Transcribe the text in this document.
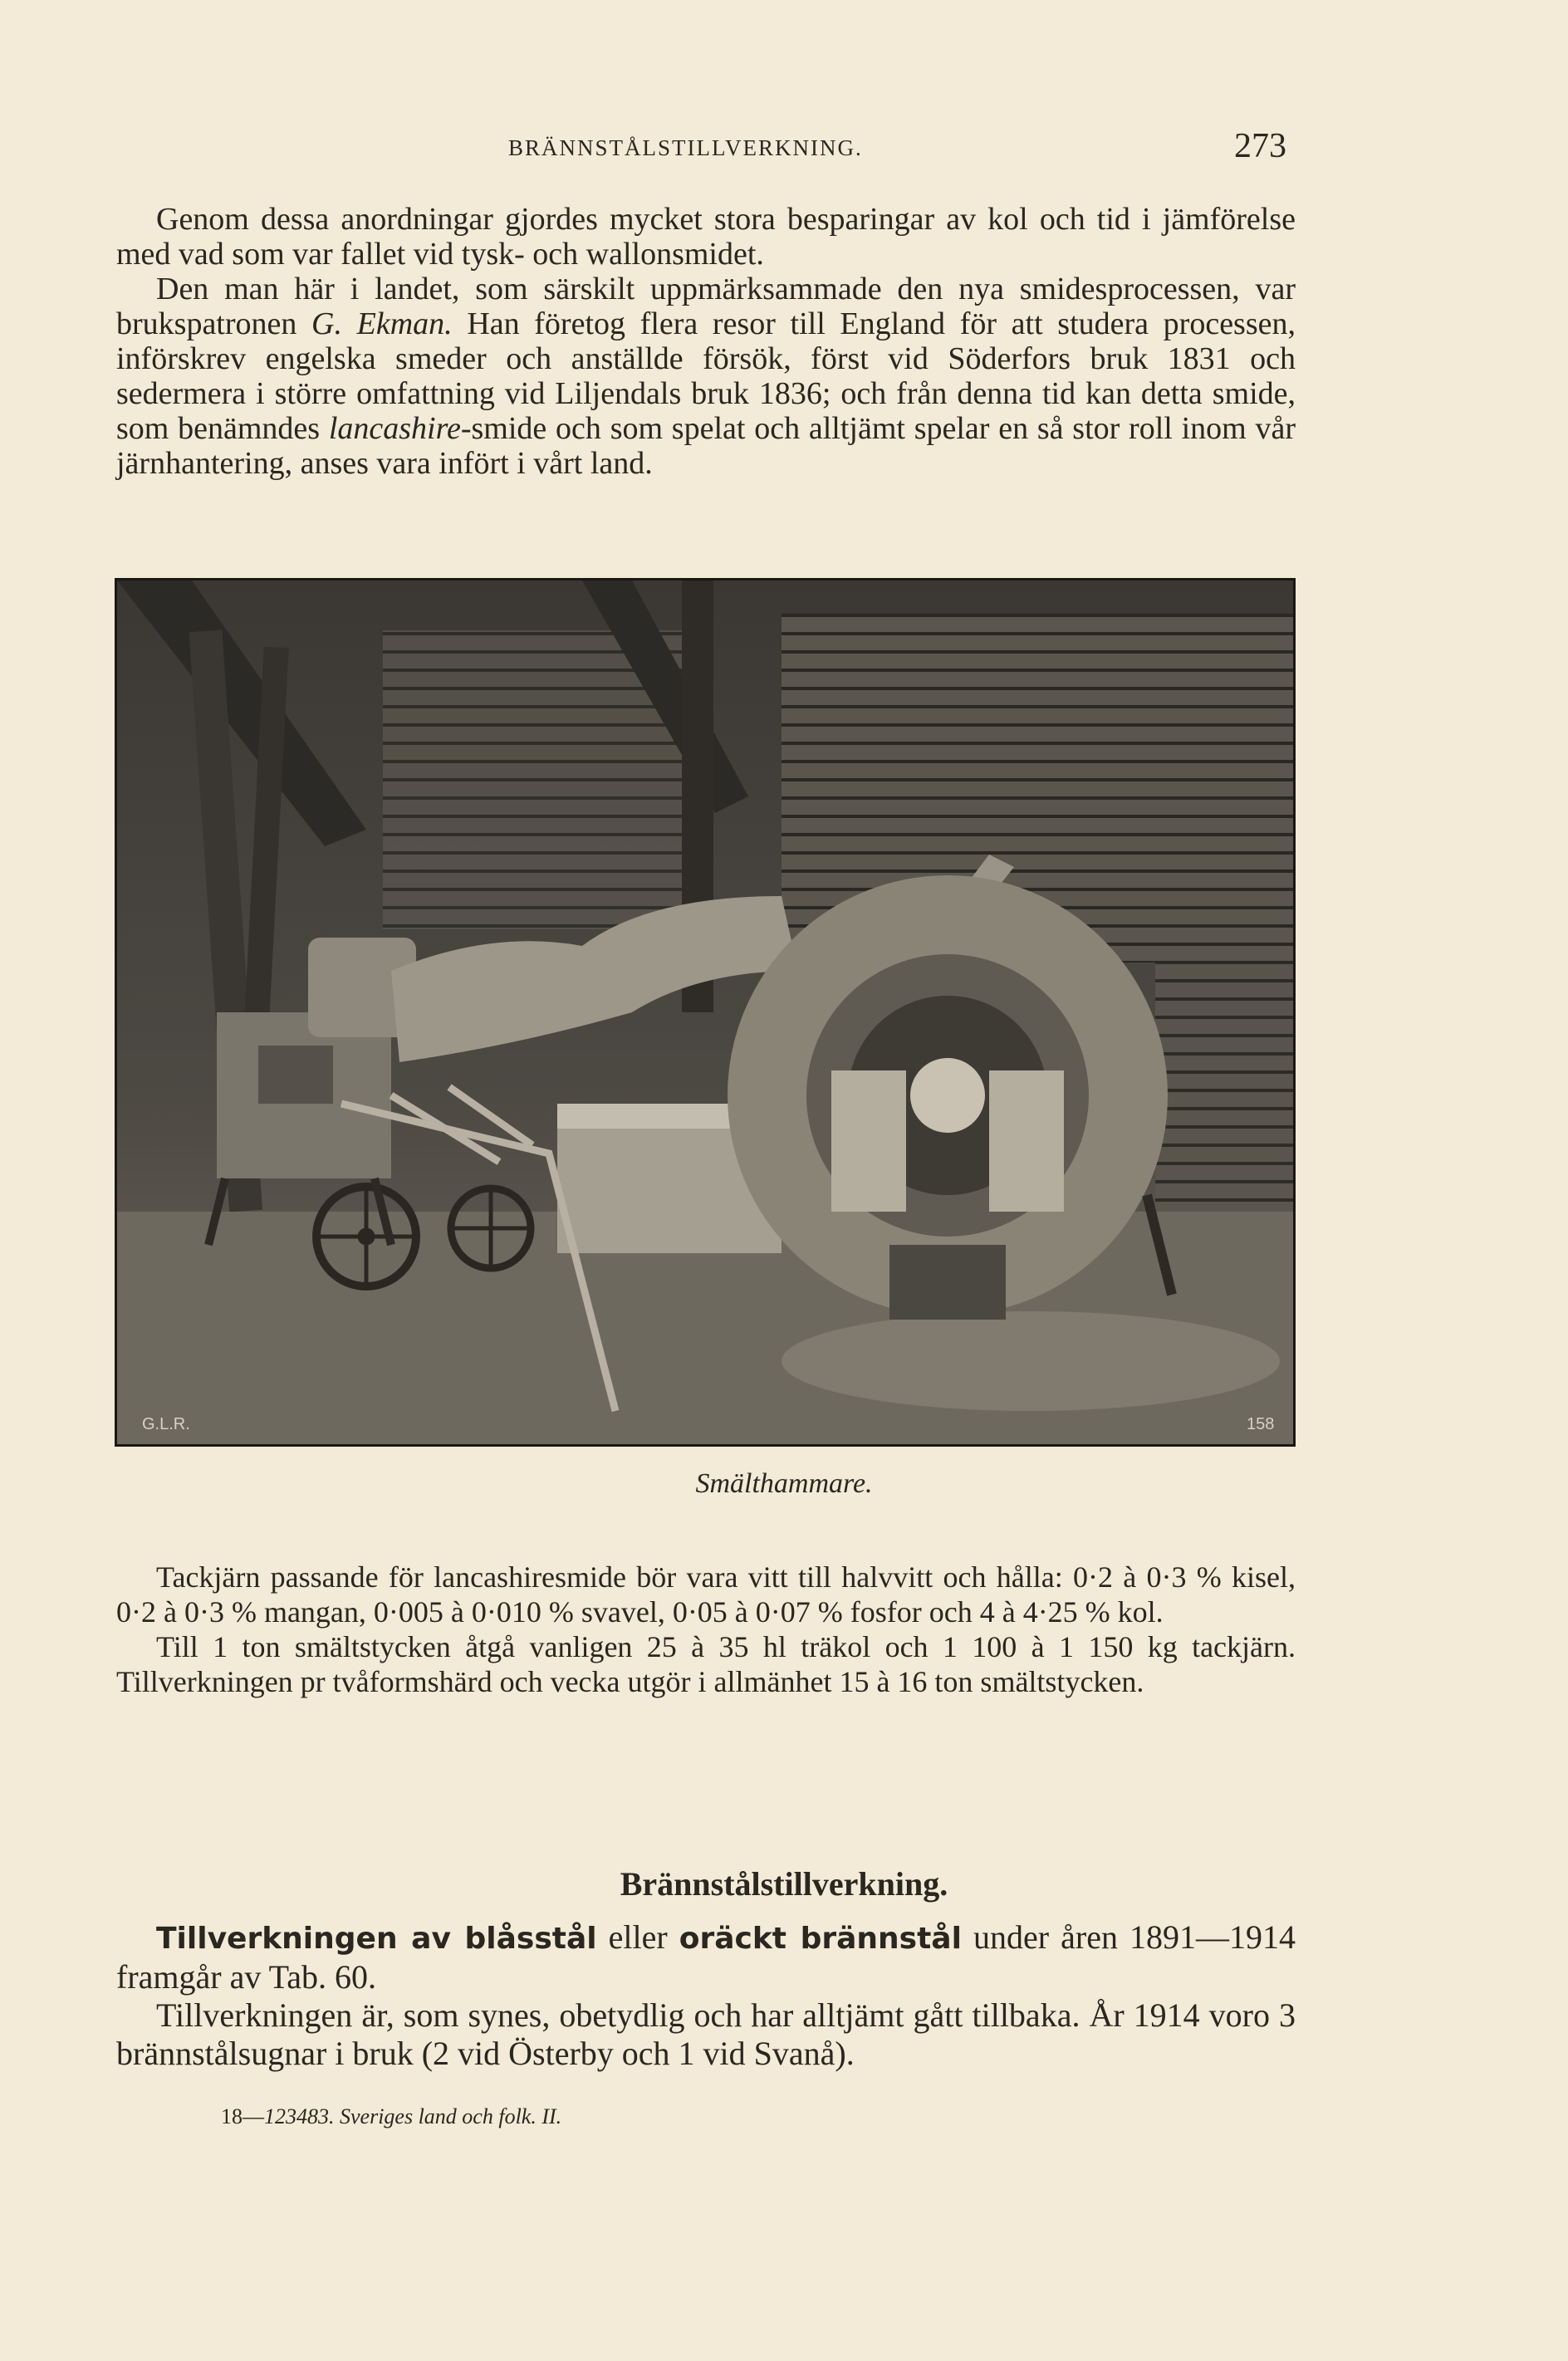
BRÄNNSTÅLSTILLVERKNING.	273

Genom dessa anordningar gjordes mycket stora besparingar av kol och tid i jämförelse med vad som var fallet vid tysk- och wallonsmidet.

Den man här i landet, som särskilt uppmärksammade den nya smidesprocessen, var brukspatronen G. Ekman. Han företog flera resor till England för att studera processen, införskrev engelska smeder och anställde försök, först vid Söderfors bruk 1831 och sedermera i större omfattning vid Liljendals bruk 1836; och från denna tid kan detta smide, som benämndes lancashire-smide och som spelat och alltjämt spelar en så stor roll inom vår järnhantering, anses vara infört i vårt land.

G.L.R.	158
Smälthammare.

Tackjärn passande för lancashiresmide bör vara vitt till halvvitt och hålla: 0·2 à 0·3 % kisel, 0·2 à 0·3 % mangan, 0·005 à 0·010 % svavel, 0·05 à 0·07 % fosfor och 4 à 4·25 % kol.

Till 1 ton smältstycken åtgå vanligen 25 à 35 hl träkol och 1 100 à 1 150 kg tackjärn. Tillverkningen pr tvåformshärd och vecka utgör i allmänhet 15 à 16 ton smältstycken.

Brännstålstillverkning.

Tillverkningen av blåsstål eller oräckt brännstål under åren 1891—1914 framgår av Tab. 60.

Tillverkningen är, som synes, obetydlig och har alltjämt gått tillbaka. År 1914 voro 3 brännstålsugnar i bruk (2 vid Österby och 1 vid Svanå).

18—123483. Sveriges land och folk. II.
